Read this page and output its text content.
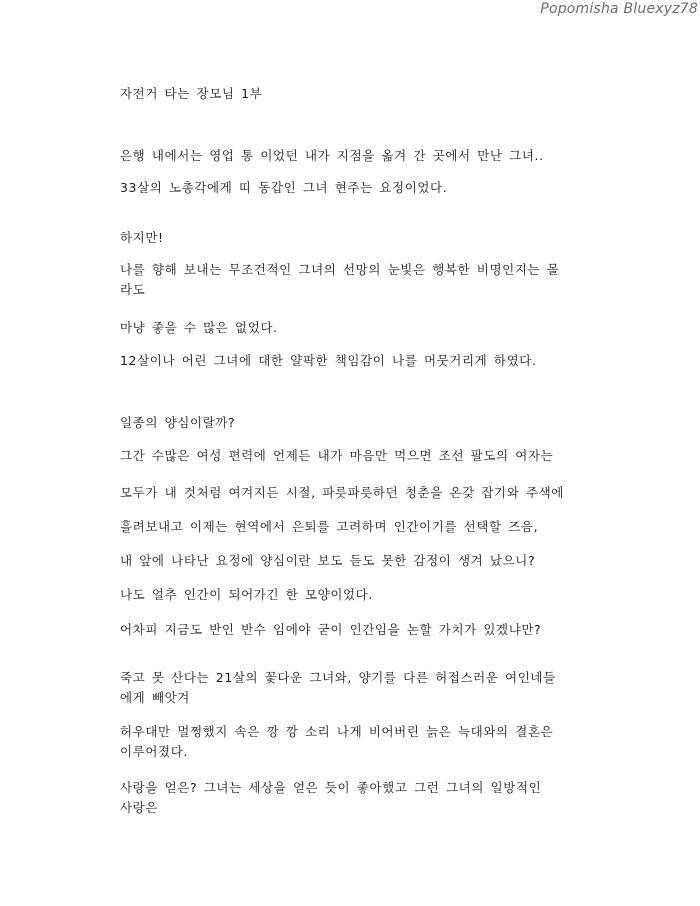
Popomisha Bluexyz78
자전거 타는 장모님 1부
은행 내에서는 영업 통 이었던 내가 지점을 옮겨 간 곳에서 만난 그녀..
33살의 노총각에게 띠 동갑인 그녀 현주는 요정이었다.
하지만!
나를 향해 보내는 무조건적인 그녀의 선망의 눈빛은 행복한 비명인지는 몰라도
마냥 좋을 수 많은 없었다.
12살이나 어린 그녀에 대한 얄팍한 책임감이 나를 머뭇거리게 하였다.
일종의 양심이랄까?
그간 수많은 여성 편력에 언제든 내가 마음만 먹으면 조선 팔도의 여자는
모두가 내 것처럼 여겨지든 시절, 파릇파릇하던 청춘을 온갖 잡기와 주색에
흘려보내고 이제는 현역에서 은퇴를 고려하며 인간이기를 선택할 즈음,
내 앞에 나타난 요정에 양심이란 보도 듣도 못한 감정이 생겨 났으니?
나도 얼추 인간이 되어가긴 한 모양이었다.
어차피 지금도 반인 반수 임에야 굳이 인간임을 논할 가치가 있겠냐만?
죽고 못 산다는 21살의 꽃다운 그녀와, 양기를 다른 허접스러운 여인네들에게 빼앗겨
허우대만 멀쩡했지 속은 깡 깡 소리 나게 비어버린 늙은 늑대와의 결혼은 이루어졌다.
사랑을 얻은? 그녀는 세상을 얻은 듯이 좋아했고 그런 그녀의 일방적인 사랑은
